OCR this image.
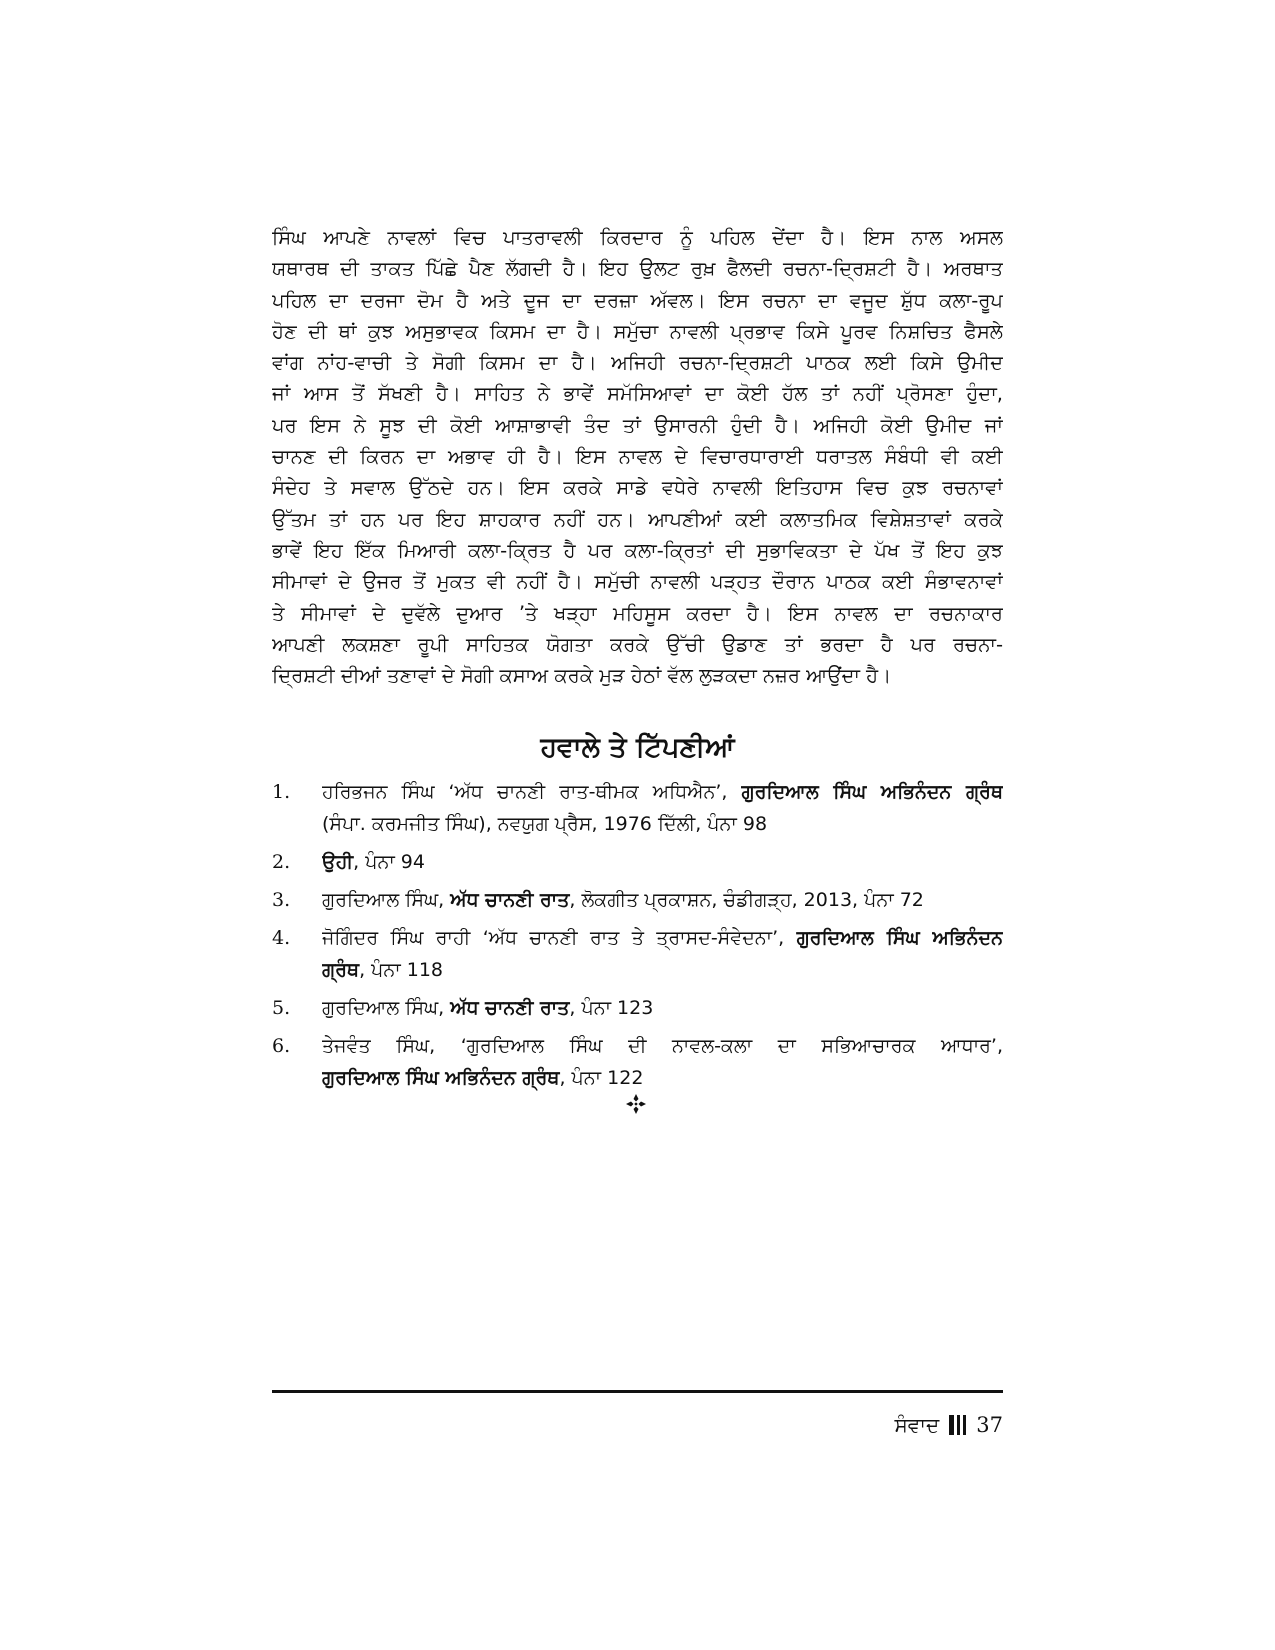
ਸਿੰਘ ਆਪਣੇ ਨਾਵਲਾਂ ਵਿਚ ਪਾਤਰਾਵਲੀ ਕਿਰਦਾਰ ਨੂੰ ਪਹਿਲ ਦੇਂਦਾ ਹੈ। ਇਸ ਨਾਲ ਅਸਲ
ਯਥਾਰਥ ਦੀ ਤਾਕਤ ਪਿੱਛੇ ਪੈਣ ਲੱਗਦੀ ਹੈ। ਇਹ ਉਲਟ ਰੁਖ਼ ਫੈਲਦੀ ਰਚਨਾ-ਦ੍ਰਿਸ਼ਟੀ ਹੈ। ਅਰਥਾਤ
ਪਹਿਲ ਦਾ ਦਰਜਾ ਦੋਮ ਹੈ ਅਤੇ ਦੂਜ ਦਾ ਦਰਜ਼ਾ ਅੱਵਲ। ਇਸ ਰਚਨਾ ਦਾ ਵਜੂਦ ਸ਼ੁੱਧ ਕਲਾ-ਰੂਪ
ਹੋਣ ਦੀ ਥਾਂ ਕੁਝ ਅਸੁਭਾਵਕ ਕਿਸਮ ਦਾ ਹੈ। ਸਮੁੱਚਾ ਨਾਵਲੀ ਪ੍ਰਭਾਵ ਕਿਸੇ ਪੂਰਵ ਨਿਸ਼ਚਿਤ ਫੈਸਲੇ
ਵਾਂਗ ਨਾਂਹ-ਵਾਚੀ ਤੇ ਸੋਗੀ ਕਿਸਮ ਦਾ ਹੈ। ਅਜਿਹੀ ਰਚਨਾ-ਦ੍ਰਿਸ਼ਟੀ ਪਾਠਕ ਲਈ ਕਿਸੇ ਉਮੀਦ
ਜਾਂ ਆਸ ਤੋਂ ਸੱਖਣੀ ਹੈ। ਸਾਹਿਤ ਨੇ ਭਾਵੇਂ ਸਮੱਸਿਆਵਾਂ ਦਾ ਕੋਈ ਹੱਲ ਤਾਂ ਨਹੀਂ ਪ੍ਰੋਸਣਾ ਹੁੰਦਾ,
ਪਰ ਇਸ ਨੇ ਸੂਝ ਦੀ ਕੋਈ ਆਸ਼ਾਭਾਵੀ ਤੰਦ ਤਾਂ ਉਸਾਰਨੀ ਹੁੰਦੀ ਹੈ। ਅਜਿਹੀ ਕੋਈ ਉਮੀਦ ਜਾਂ
ਚਾਨਣ ਦੀ ਕਿਰਨ ਦਾ ਅਭਾਵ ਹੀ ਹੈ। ਇਸ ਨਾਵਲ ਦੇ ਵਿਚਾਰਧਾਰਾਈ ਧਰਾਤਲ ਸੰਬੰਧੀ ਵੀ ਕਈ
ਸੰਦੇਹ ਤੇ ਸਵਾਲ ਉੱਠਦੇ ਹਨ। ਇਸ ਕਰਕੇ ਸਾਡੇ ਵਧੇਰੇ ਨਾਵਲੀ ਇਤਿਹਾਸ ਵਿਚ ਕੁਝ ਰਚਨਾਵਾਂ
ਉੱਤਮ ਤਾਂ ਹਨ ਪਰ ਇਹ ਸ਼ਾਹਕਾਰ ਨਹੀਂ ਹਨ। ਆਪਣੀਆਂ ਕਈ ਕਲਾਤਮਿਕ ਵਿਸ਼ੇਸ਼ਤਾਵਾਂ ਕਰਕੇ
ਭਾਵੇਂ ਇਹ ਇੱਕ ਮਿਆਰੀ ਕਲਾ-ਕ੍ਰਿਤ ਹੈ ਪਰ ਕਲਾ-ਕ੍ਰਿਤਾਂ ਦੀ ਸੁਭਾਵਿਕਤਾ ਦੇ ਪੱਖ ਤੋਂ ਇਹ ਕੁਝ
ਸੀਮਾਵਾਂ ਦੇ ਉਜਰ ਤੋਂ ਮੁਕਤ ਵੀ ਨਹੀਂ ਹੈ। ਸਮੁੱਚੀ ਨਾਵਲੀ ਪੜ੍ਹਤ ਦੌਰਾਨ ਪਾਠਕ ਕਈ ਸੰਭਾਵਨਾਵਾਂ
ਤੇ ਸੀਮਾਵਾਂ ਦੇ ਦੁਵੱਲੇ ਦੁਆਰ ’ਤੇ ਖੜ੍ਹਾ ਮਹਿਸੂਸ ਕਰਦਾ ਹੈ। ਇਸ ਨਾਵਲ ਦਾ ਰਚਨਾਕਾਰ
ਆਪਣੀ ਲਕਸ਼ਣਾ ਰੂਪੀ ਸਾਹਿਤਕ ਯੋਗਤਾ ਕਰਕੇ ਉੱਚੀ ਉਡਾਣ ਤਾਂ ਭਰਦਾ ਹੈ ਪਰ ਰਚਨਾ-
ਦ੍ਰਿਸ਼ਟੀ ਦੀਆਂ ਤਣਾਵਾਂ ਦੇ ਸੋਗੀ ਕਸਾਅ ਕਰਕੇ ਮੁੜ ਹੇਠਾਂ ਵੱਲ ਲੁੜਕਦਾ ਨਜ਼ਰ ਆਉਂਦਾ ਹੈ।
ਹਵਾਲੇ ਤੇ ਟਿੱਪਣੀਆਂ
1.	ਹਰਿਭਜਨ ਸਿੰਘ ‘ਅੱਧ ਚਾਨਣੀ ਰਾਤ-ਥੀਮਕ ਅਧਿਐਨ’, ਗੁਰਦਿਆਲ ਸਿੰਘ ਅਭਿਨੰਦਨ ਗ੍ਰੰਥ
(ਸੰਪਾ. ਕਰਮਜੀਤ ਸਿੰਘ), ਨਵਯੁਗ ਪ੍ਰੈਸ, 1976 ਦਿੱਲੀ, ਪੰਨਾ 98
2.	ਉਹੀ, ਪੰਨਾ 94
3.	ਗੁਰਦਿਆਲ ਸਿੰਘ, ਅੱਧ ਚਾਨਣੀ ਰਾਤ, ਲੋਕਗੀਤ ਪ੍ਰਕਾਸ਼ਨ, ਚੰਡੀਗੜ੍ਹ, 2013, ਪੰਨਾ 72
4.	ਜੋਗਿੰਦਰ ਸਿੰਘ ਰਾਹੀ ‘ਅੱਧ ਚਾਨਣੀ ਰਾਤ ਤੇ ਤ੍ਰਾਸਦ-ਸੰਵੇਦਨਾ’, ਗੁਰਦਿਆਲ ਸਿੰਘ ਅਭਿਨੰਦਨ
ਗ੍ਰੰਥ, ਪੰਨਾ 118
5.	ਗੁਰਦਿਆਲ ਸਿੰਘ, ਅੱਧ ਚਾਨਣੀ ਰਾਤ, ਪੰਨਾ 123
6.	ਤੇਜਵੰਤ ਸਿੰਘ, ‘ਗੁਰਦਿਆਲ ਸਿੰਘ ਦੀ ਨਾਵਲ-ਕਲਾ ਦਾ ਸਭਿਆਚਾਰਕ ਆਧਾਰ’,
ਗੁਰਦਿਆਲ ਸਿੰਘ ਅਭਿਨੰਦਨ ਗ੍ਰੰਥ, ਪੰਨਾ 122
ਸੰਵਾਦ 37
